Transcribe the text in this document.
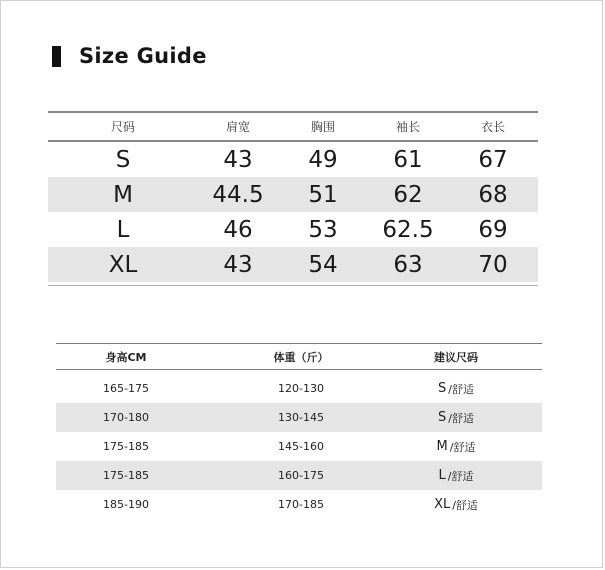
Size Guide
尺码	肩宽	胸围	袖长	衣长
S	43	49	61	67
M	44.5	51	62	68
L	46	53	62.5	69
XL	43	54	63	70
身高CM	体重（斤）	建议尺码
165-175	120-130	S /舒适
170-180	130-145	S /舒适
175-185	145-160	M /舒适
175-185	160-175	L /舒适
185-190	170-185	XL /舒适
